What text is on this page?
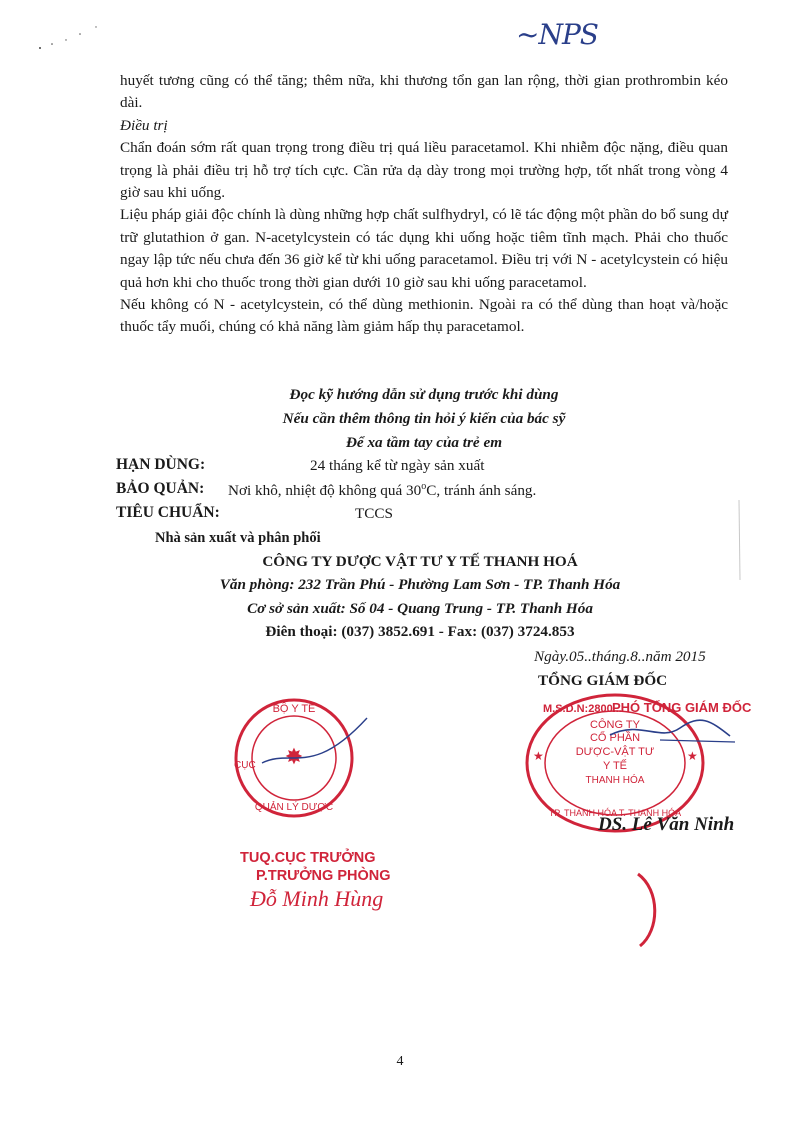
~NPS

huyết tương cũng có thể tăng; thêm nữa, khi thương tổn gan lan rộng, thời gian prothrombin kéo dài.

Điều trị

Chẩn đoán sớm rất quan trọng trong điều trị quá liều paracetamol. Khi nhiễm độc nặng, điều quan trọng là phải điều trị hỗ trợ tích cực. Cần rửa dạ dày trong mọi trường hợp, tốt nhất trong vòng 4 giờ sau khi uống.

Liệu pháp giải độc chính là dùng những hợp chất sulfhydryl, có lẽ tác động một phần do bổ sung dự trữ glutathion ở gan. N-acetylcystein có tác dụng khi uống hoặc tiêm tĩnh mạch. Phải cho thuốc ngay lập tức nếu chưa đến 36 giờ kể từ khi uống paracetamol. Điều trị với N - acetylcystein có hiệu quả hơn khi cho thuốc trong thời gian dưới 10 giờ sau khi uống paracetamol.

Nếu không có N - acetylcystein, có thể dùng methionin. Ngoài ra có thể dùng than hoạt và/hoặc thuốc tẩy muối, chúng có khả năng làm giảm hấp thụ paracetamol.

Đọc kỹ hướng dẫn sử dụng trước khi dùng
Nếu cần thêm thông tin hỏi ý kiến của bác sỹ
Để xa tầm tay của trẻ em
HẠN DÙNG:	24 tháng kể từ ngày sản xuất
BẢO QUẢN: Nơi khô, nhiệt độ không quá 30$^o$C, tránh ánh sáng.
TIÊU CHUẨN:	TCCS
Nhà sản xuất và phân phối
CÔNG TY DƯỢC VẬT TƯ Y TẾ THANH HOÁ
Văn phòng: 232 Trần Phú - Phường Lam Sơn - TP. Thanh Hóa
Cơ sở sản xuất: Số 04 - Quang Trung - TP. Thanh Hóa
Điên thoại: (037) 3852.691 - Fax: (037) 3724.853
Ngày.05..tháng.8..năm 2015
TỔNG GIÁM ĐỐC
M.S.D.N:2800...
CÔNG TY
CỔ PHẦN
DƯỢC-VẬT TƯ
Y TẾ
THANH HÓA
TP. THANH HÓA T. THANH HÓA
★	★
PHÓ TỔNG GIÁM ĐỐC
DS. Lê Văn Ninh
BỘ Y TẾ
CỤC
QUẢN LÝ DƯỢC
✸
TUQ.CỤC TRƯỞNG
P.TRƯỞNG PHÒNG
Đỗ Minh Hùng
4
